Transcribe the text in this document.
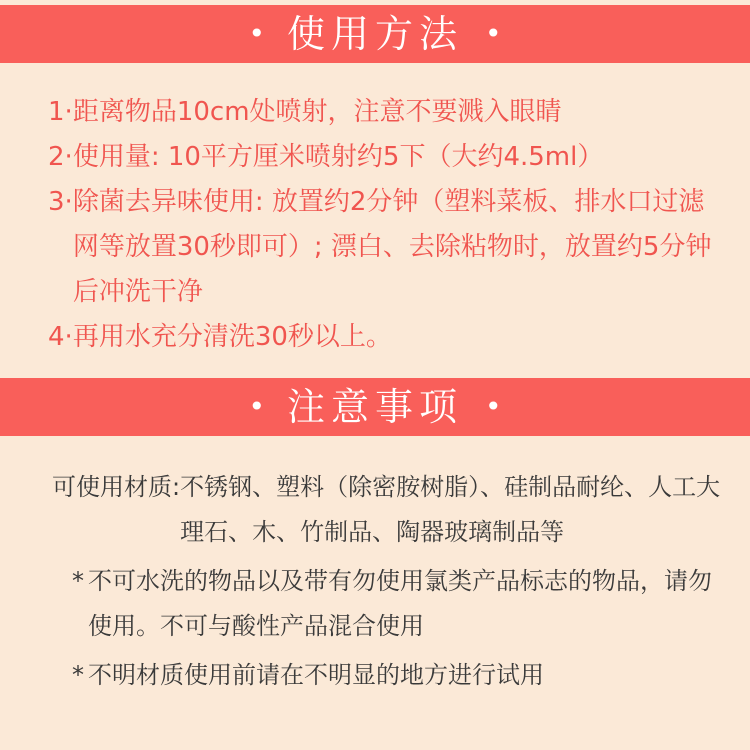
• 使用方法 •
1· 距离物品10cm处喷射，注意不要溅入眼睛
2· 使用量: 10平方厘米喷射约5下（大约4.5ml）
3· 除菌去异味使用: 放置约2分钟（塑料菜板、排水口过滤网等放置30秒即可）; 漂白、去除粘物时，放置约5分钟后冲洗干净
4· 再用水充分清洗30秒以上。
• 注意事项 •
可使用材质: 不锈钢、塑料（除密胺树脂）、硅制品耐纶、人工大理石、木、竹制品、陶器玻璃制品等
* 不可水洗的物品以及带有勿使用氯类产品标志的物品，请勿使用。不可与酸性产品混合使用
* 不明材质使用前请在不明显的地方进行试用
